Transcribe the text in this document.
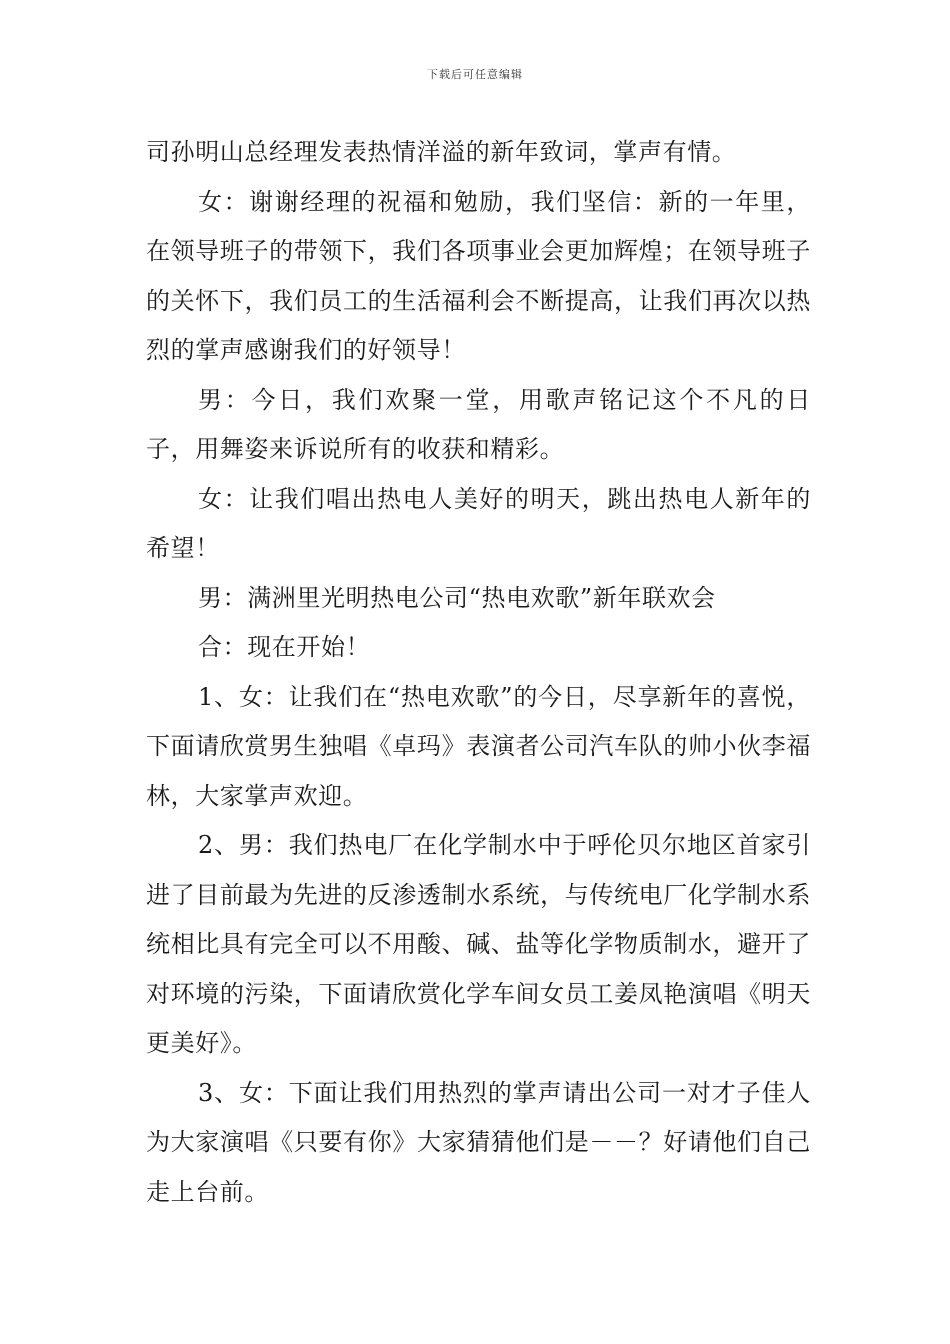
下载后可任意编辑

司孙明山总经理发表热情洋溢的新年致词，掌声有情。

女：谢谢经理的祝福和勉励，我们坚信：新的一年里，在领导班子的带领下，我们各项事业会更加辉煌；在领导班子的关怀下，我们员工的生活福利会不断提高，让我们再次以热烈的掌声感谢我们的好领导！

男：今日，我们欢聚一堂，用歌声铭记这个不凡的日子，用舞姿来诉说所有的收获和精彩。

女：让我们唱出热电人美好的明天，跳出热电人新年的希望！

男：满洲里光明热电公司“热电欢歌”新年联欢会

合：现在开始！

1、女：让我们在“热电欢歌”的今日，尽享新年的喜悦，下面请欣赏男生独唱《卓玛》表演者公司汽车队的帅小伙李福林，大家掌声欢迎。

2、男：我们热电厂在化学制水中于呼伦贝尔地区首家引进了目前最为先进的反渗透制水系统，与传统电厂化学制水系统相比具有完全可以不用酸、碱、盐等化学物质制水，避开了对环境的污染，下面请欣赏化学车间女员工姜凤艳演唱《明天更美好》。

3、女：下面让我们用热烈的掌声请出公司一对才子佳人为大家演唱《只要有你》大家猜猜他们是－－？好请他们自己走上台前。
